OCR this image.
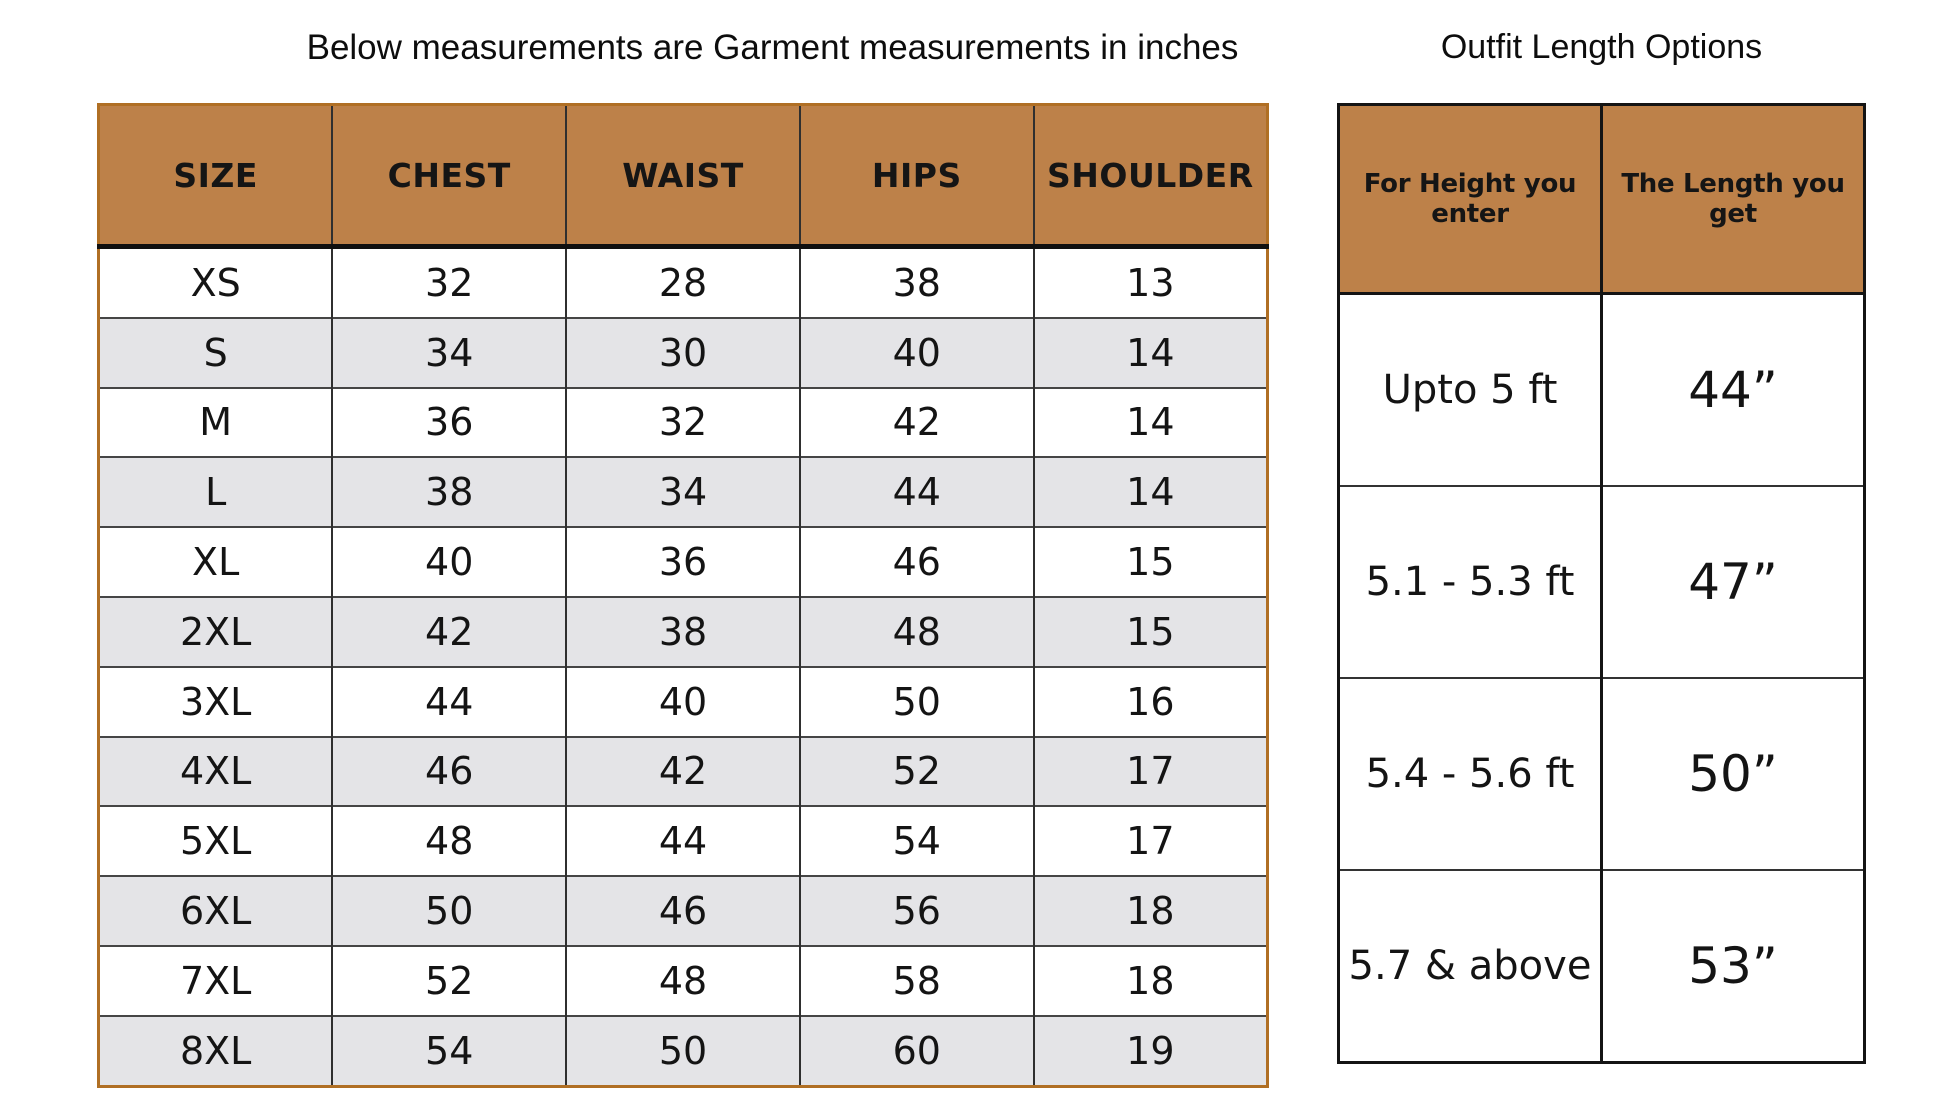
Below measurements are Garment measurements in inches	Outfit Length Options
SIZE	CHEST	WAIST	HIPS	SHOULDER
XS	32	28	38	13
S	34	30	40	14
M	36	32	42	14
L	38	34	44	14
XL	40	36	46	15
2XL	42	38	48	15
3XL	44	40	50	16
4XL	46	42	52	17
5XL	48	44	54	17
6XL	50	46	56	18
7XL	52	48	58	18
8XL	54	50	60	19
For Height you enter	The Length you get
Upto 5 ft	44”
5.1 - 5.3 ft	47”
5.4 - 5.6 ft	50”
5.7 & above	53”
